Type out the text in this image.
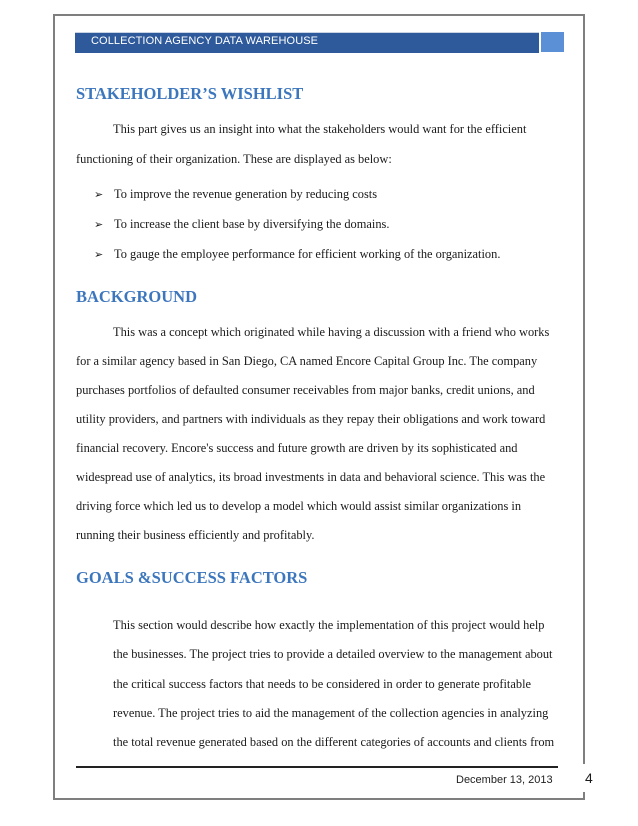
COLLECTION AGENCY DATA WAREHOUSE
STAKEHOLDER’S WISHLIST
This part gives us an insight into what the stakeholders would want for the efficient
functioning of their organization. These are displayed as below:
➢ To improve the revenue generation by reducing costs
➢ To increase the client base by diversifying the domains.
➢ To gauge the employee performance for efficient working of the organization.
BACKGROUND
This was a concept which originated while having a discussion with a friend who works
for a similar agency based in San Diego, CA named Encore Capital Group Inc. The company
purchases portfolios of defaulted consumer receivables from major banks, credit unions, and
utility providers, and partners with individuals as they repay their obligations and work toward
financial recovery. Encore's success and future growth are driven by its sophisticated and
widespread use of analytics, its broad investments in data and behavioral science. This was the
driving force which led us to develop a model which would assist similar organizations in
running their business efficiently and profitably.
GOALS &SUCCESS FACTORS
This section would describe how exactly the implementation of this project would help
the businesses. The project tries to provide a detailed overview to the management about
the critical success factors that needs to be considered in order to generate profitable
revenue. The project tries to aid the management of the collection agencies in analyzing
the total revenue generated based on the different categories of accounts and clients from
December 13, 2013 4
